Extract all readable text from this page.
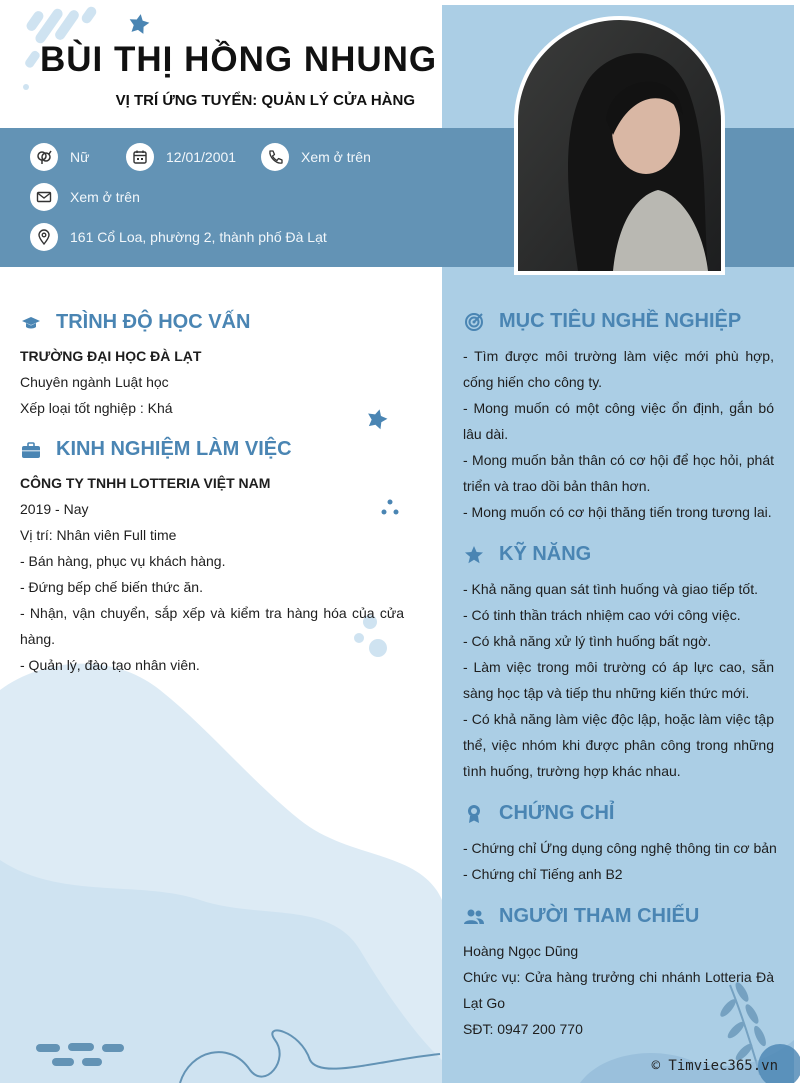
BÙI THỊ HỒNG NHUNG
VỊ TRÍ ỨNG TUYỂN: QUẢN LÝ CỬA HÀNG
Nữ	12/01/2001	Xem ở trên
Xem ở trên
161 Cổ Loa, phường 2, thành phố Đà Lạt
TRÌNH ĐỘ HỌC VẤN

TRƯỜNG ĐẠI HỌC ĐÀ LẠT

Chuyên ngành Luật học

Xếp loại tốt nghiệp : Khá

KINH NGHIỆM LÀM VIỆC

CÔNG TY TNHH LOTTERIA VIỆT NAM

2019 - Nay

Vị trí: Nhân viên Full time

- Bán hàng, phục vụ khách hàng.

- Đứng bếp chế biến thức ăn.

- Nhận, vận chuyển, sắp xếp và kiểm tra hàng hóa của cửa hàng.

- Quản lý, đào tạo nhân viên.

MỤC TIÊU NGHỀ NGHIỆP

- Tìm được môi trường làm việc mới phù hợp, cống hiến cho công ty.

- Mong muốn có một công việc ổn định, gắn bó lâu dài.

- Mong muốn bản thân có cơ hội để học hỏi, phát triển và trao dồi bản thân hơn.

- Mong muốn có cơ hội thăng tiến trong tương lai.

KỸ NĂNG

- Khả năng quan sát tình huống và giao tiếp tốt.

- Có tinh thần trách nhiệm cao với công việc.

- Có khả năng xử lý tình huống bất ngờ.

- Làm việc trong môi trường có áp lực cao, sẵn sàng học tập và tiếp thu những kiến thức mới.

- Có khả năng làm việc độc lập, hoặc làm việc tập thể, việc nhóm khi được phân công trong những tình huống, trường hợp khác nhau.

CHỨNG CHỈ

- Chứng chỉ Ứng dụng công nghệ thông tin cơ bản

- Chứng chỉ Tiếng anh B2

NGƯỜI THAM CHIẾU

Hoàng Ngọc Dũng

Chức vụ: Cửa hàng trưởng chi nhánh Lotteria Đà Lạt Go

SĐT: 0947 200 770

© Timviec365.vn
